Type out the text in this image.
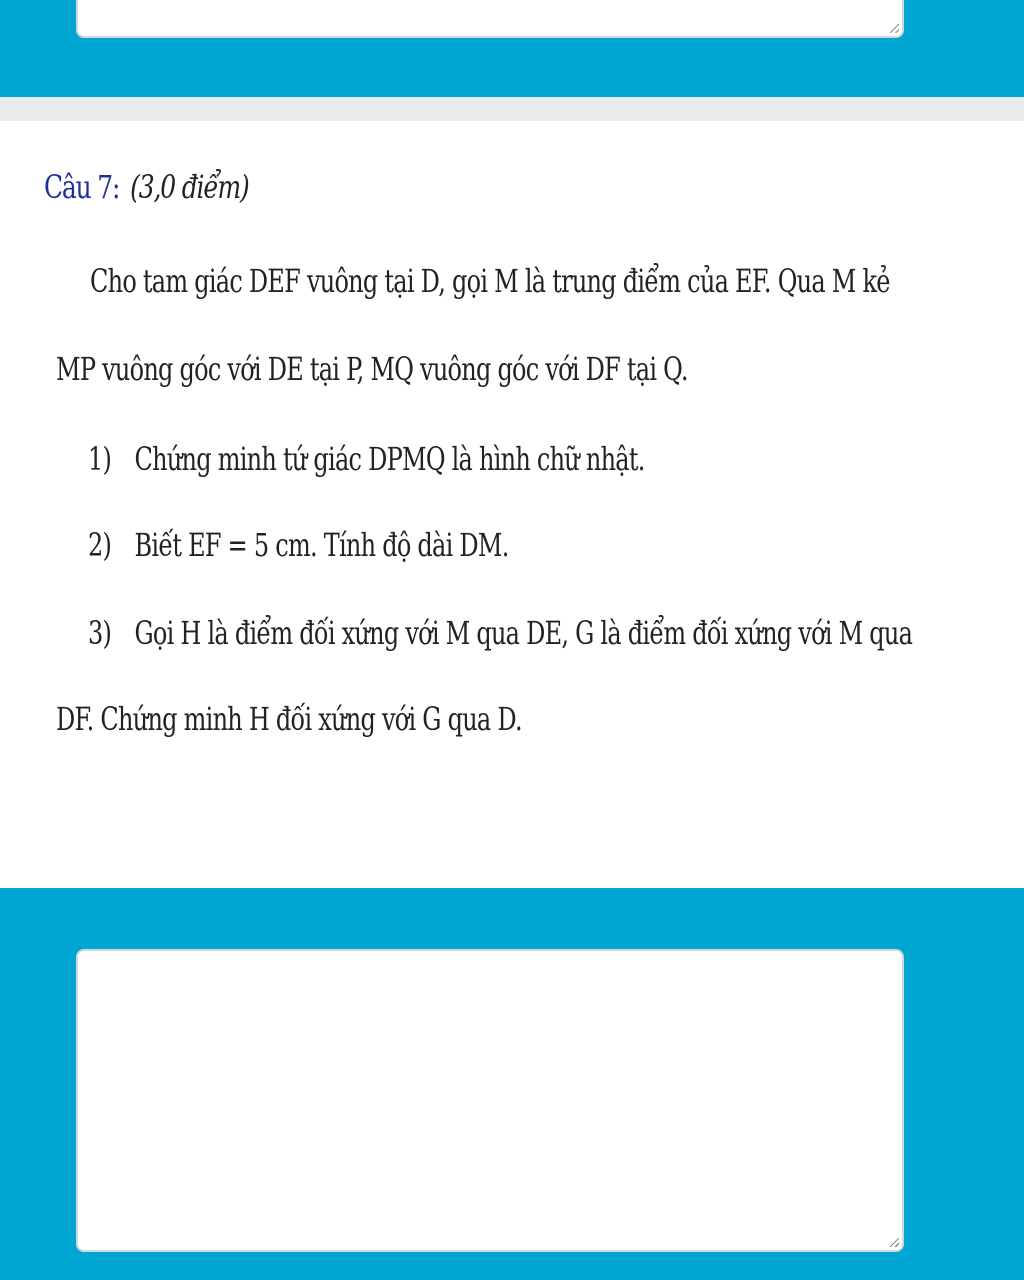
Câu 7: (3,0 điểm)
Cho tam giác DEF vuông tại D, gọi M là trung điểm của EF. Qua M kẻ
MP vuông góc với DE tại P, MQ vuông góc với DF tại Q.
1) Chứng minh tứ giác DPMQ là hình chữ nhật.
2) Biết EF = 5 cm. Tính độ dài DM.
3) Gọi H là điểm đối xứng với M qua DE, G là điểm đối xứng với M qua
DF. Chứng minh H đối xứng với G qua D.
